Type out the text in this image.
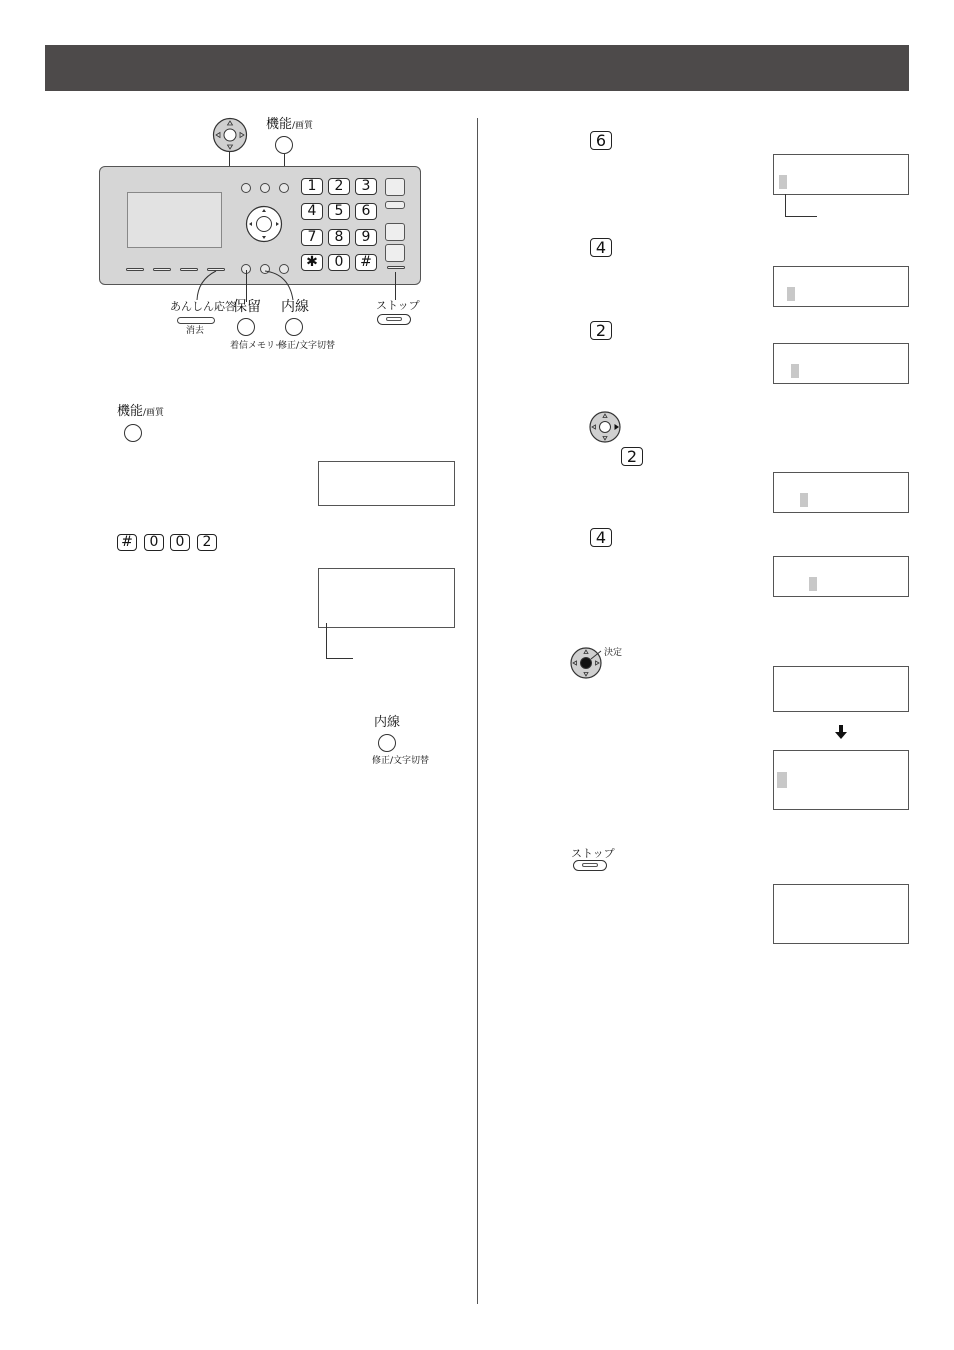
機能/画質
1	2	3
4	5	6
7	8	9
✱	0	#
あんしん応答
消去
保留
着信メモリー
内線
修正/文字切替
ストップ
機能/画質
#	0	0	2
内線
修正/文字切替
6
4
2
2
4
決定
ストップ
